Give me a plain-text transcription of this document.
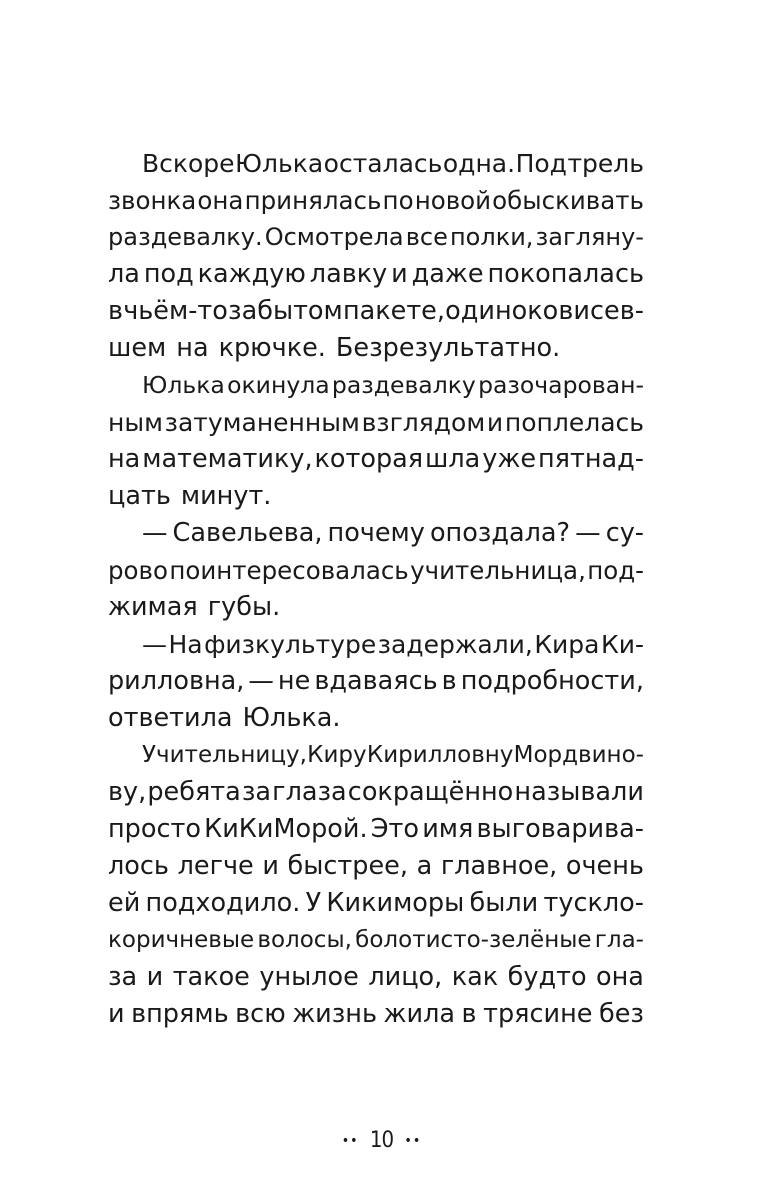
Вскоре Юлька осталась одна. Под трель
звонка она принялась по новой обыскивать
раздевалку. Осмотрела все полки, загляну-
ла под каждую лавку и даже покопалась
в чьём-то забытом пакете, одиноко висев-
шем на крючке. Безрезультатно.
Юлька окинула раздевалку разочарован-
ным затуманенным взглядом и поплелась
на математику, которая шла уже пятнад-
цать минут.
— Савельева, почему опоздала? — су-
рово поинтересовалась учительница, под-
жимая губы.
— На физкультуре задержали, Кира Ки-
рилловна, — не вдаваясь в подробности,
ответила Юлька.
Учительницу, Киру Кирилловну Мордвино-
ву, ребята за глаза сокращённо называли
просто КиКиМорой. Это имя выговарива-
лось легче и быстрее, а главное, очень
ей подходило. У Кикиморы были тускло-
коричневые волосы, болотисто-зелёные гла-
за и такое унылое лицо, как будто она
и впрямь всю жизнь жила в трясине без
•• 10 ••
